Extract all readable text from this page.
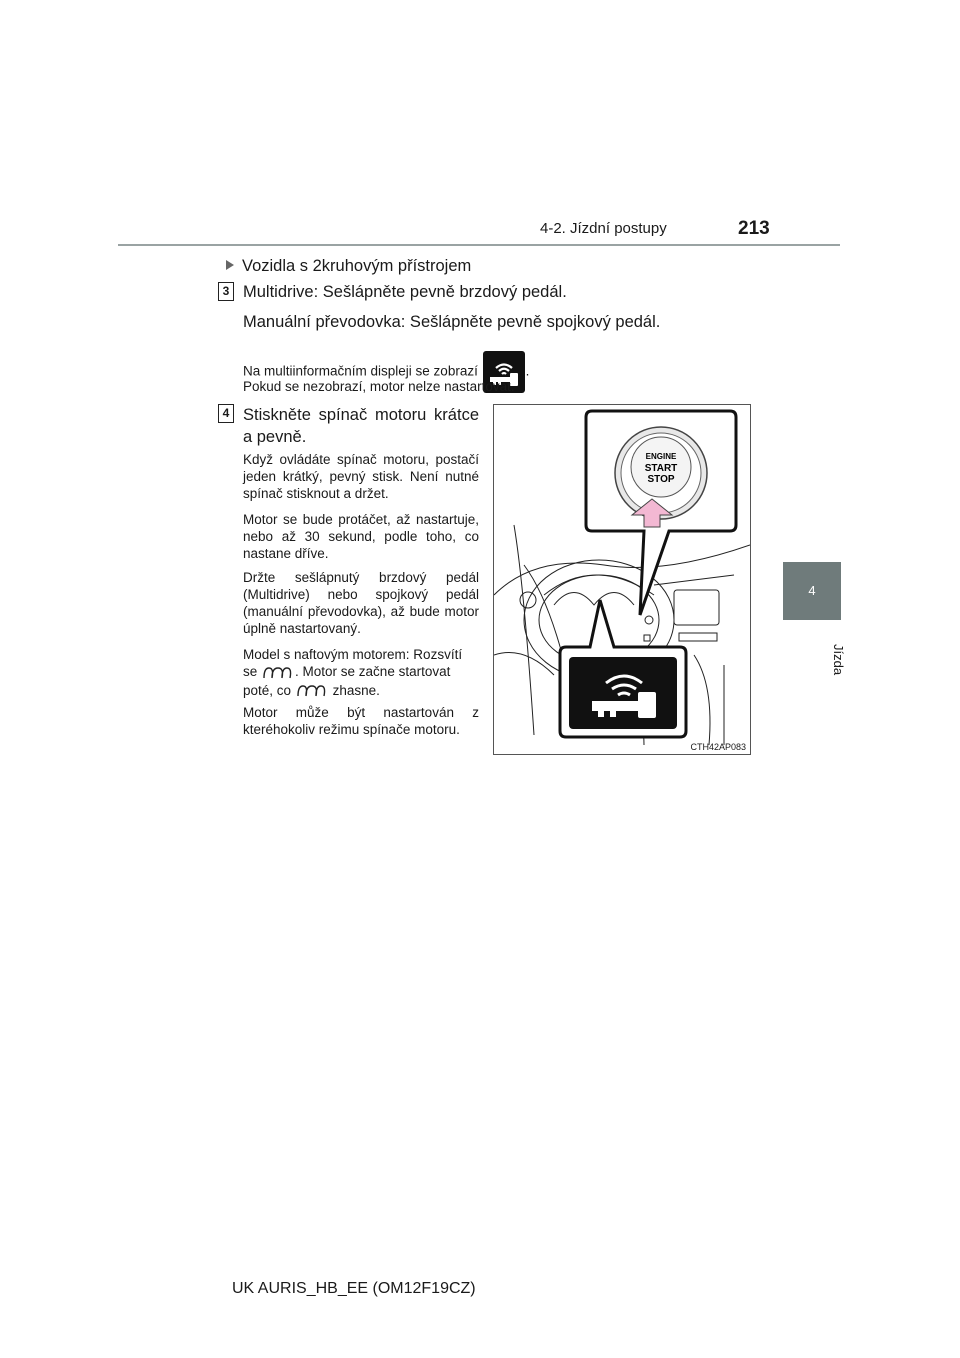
4-2. Jízdní postupy	213
4
Jízda
Vozidla s 2kruhovým přístrojem
3 Multidrive: Sešlápněte pevně brzdový pedál.
Manuální převodovka: Sešlápněte pevně spojkový pedál.
Na multiinformačním displeji se zobrazí	.
Pokud se nezobrazí, motor nelze nastartovat.
4 Stiskněte spínač motoru krátce a pevně.
Když ovládáte spínač motoru, postačí jeden krátký, pevný stisk. Není nutné spínač stisknout a držet.
Motor se bude protáčet, až nastartuje, nebo až 30 sekund, podle toho, co nastane dříve.
Držte sešlápnutý brzdový pedál (Multidrive) nebo spojkový pedál (manuální převodovka), až bude motor úplně nastartovaný.
Model s naftovým motorem: Rozsvítí se	. Motor se začne startovat poté, co	zhasne.
Motor může být nastartován z kteréhokoliv režimu spínače motoru.
ENGINE
START
STOP
CTH42AP083
UK AURIS_HB_EE (OM12F19CZ)
